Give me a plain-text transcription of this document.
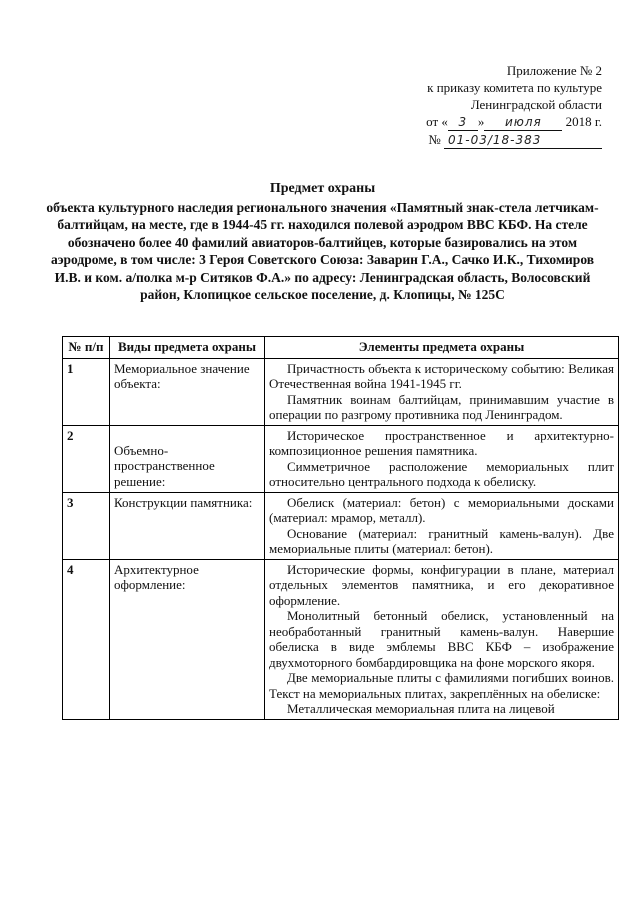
Приложение № 2
к приказу комитета по культуре
Ленинградской области
от « 3 » июля 2018 г.
№ 01-03/18-383
Предмет охраны
объекта культурного наследия регионального значения «Памятный знак-стела летчикам-балтийцам, на месте, где в 1944-45 гг. находился полевой аэродром ВВС КБФ. На стеле обозначено более 40 фамилий авиаторов-балтийцев, которые базировались на этом аэродроме, в том числе: 3 Героя Советского Союза: Заварин Г.А., Сачко И.К., Тихомиров И.В. и ком. а/полка м-р Ситяков Ф.А.» по адресу: Ленинградская область, Волосовский район, Клопицкое сельское поселение, д. Клопицы, № 125С
№ п/п	Виды предмета охраны	Элементы предмета охраны
1	Мемориальное значение объекта:	Причастность объекта к историческому событию: Великая Отечественная война 1941-1945 гг.

Памятник воинам балтийцам, принимавшим участие в операции по разгрому противника под Ленинградом.

2	Объемно-пространственное решение:	Историческое пространственное и архитектурно-композиционное решения памятника.

Симметричное расположение мемориальных плит относительно центрального подхода к обелиску.

3	Конструкции памятника:	Обелиск (материал: бетон) с мемориальными досками (материал: мрамор, металл).

Основание (материал: гранитный камень-валун). Две мемориальные плиты (материал: бетон).

4	Архитектурное оформление:	Исторические формы, конфигурации в плане, материал отдельных элементов памятника, и его декоративное оформление.

Монолитный бетонный обелиск, установленный на необработанный гранитный камень-валун. Навершие обелиска в виде эмблемы ВВС КБФ – изображение двухмоторного бомбардировщика на фоне морского якоря.

Две мемориальные плиты с фамилиями погибших воинов. Текст на мемориальных плитах, закреплённых на обелиске:

Металлическая мемориальная плита на лицевой
